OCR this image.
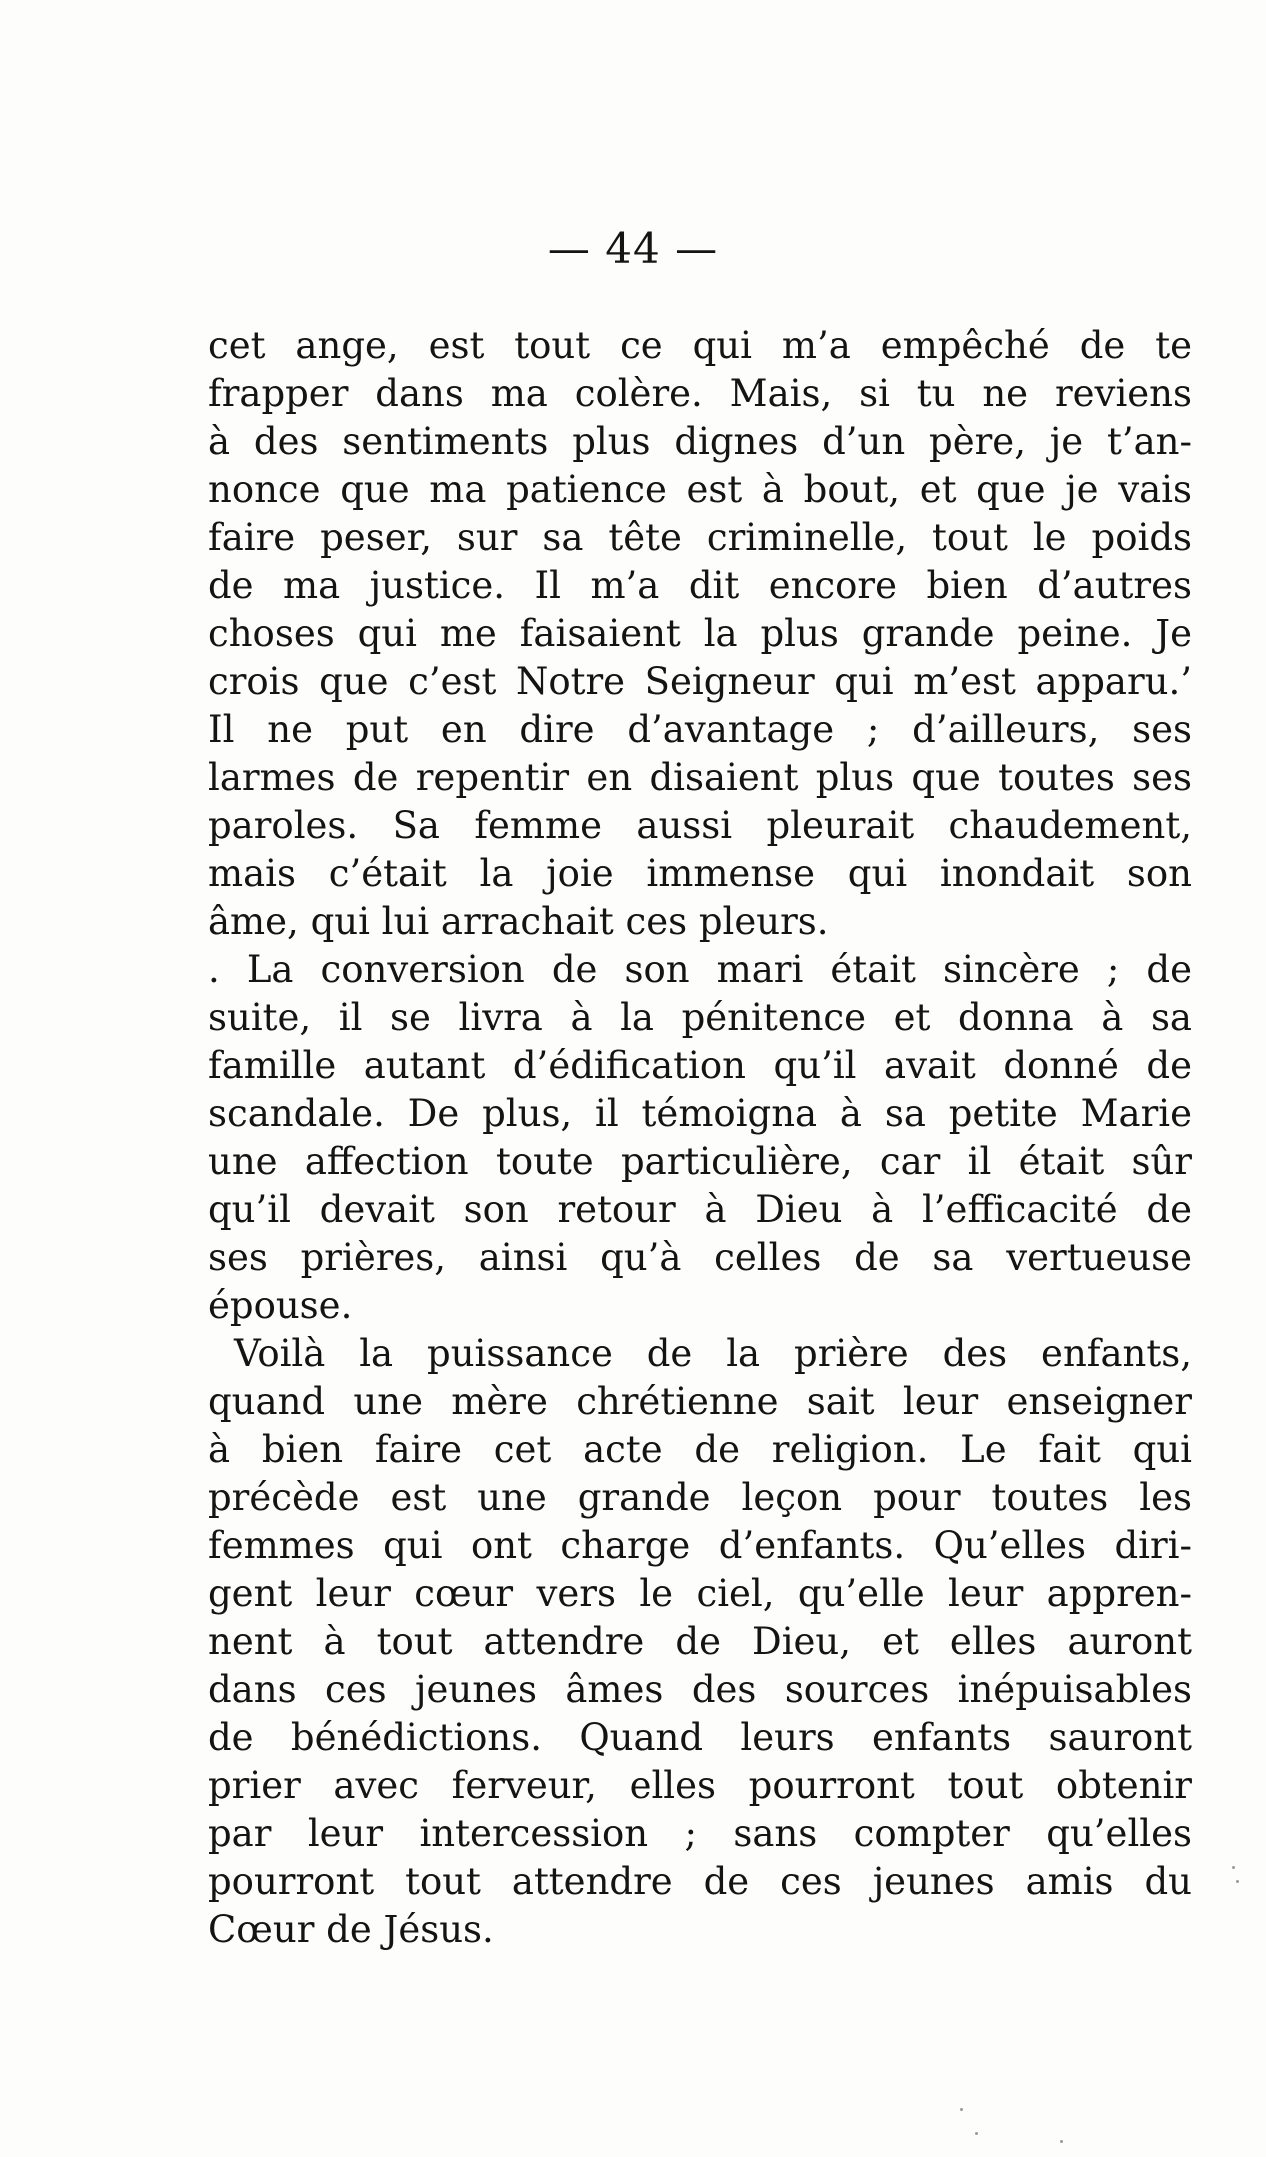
— 44 —
cet ange, est tout ce qui m’a empêché de te
frapper dans ma colère. Mais, si tu ne reviens
à des sentiments plus dignes d’un père, je t’an-
nonce que ma patience est à bout, et que je vais
faire peser, sur sa tête criminelle, tout le poids
de ma justice. Il m’a dit encore bien d’autres
choses qui me faisaient la plus grande peine. Je
crois que c’est Notre Seigneur qui m’est apparu.’
Il ne put en dire d’avantage ; d’ailleurs, ses
larmes de repentir en disaient plus que toutes ses
paroles. Sa femme aussi pleurait chaudement,
mais c’était la joie immense qui inondait son
âme, qui lui arrachait ces pleurs.
. La conversion de son mari était sincère ; de
suite, il se livra à la pénitence et donna à sa
famille autant d’édification qu’il avait donné de
scandale. De plus, il témoigna à sa petite Marie
une affection toute particulière, car il était sûr
qu’il devait son retour à Dieu à l’efficacité de
ses prières, ainsi qu’à celles de sa vertueuse
épouse.
Voilà la puissance de la prière des enfants,
quand une mère chrétienne sait leur enseigner
à bien faire cet acte de religion. Le fait qui
précède est une grande leçon pour toutes les
femmes qui ont charge d’enfants. Qu’elles diri-
gent leur cœur vers le ciel, qu’elle leur appren-
nent à tout attendre de Dieu, et elles auront
dans ces jeunes âmes des sources inépuisables
de bénédictions. Quand leurs enfants sauront
prier avec ferveur, elles pourront tout obtenir
par leur intercession ; sans compter qu’elles
pourront tout attendre de ces jeunes amis du
Cœur de Jésus.
